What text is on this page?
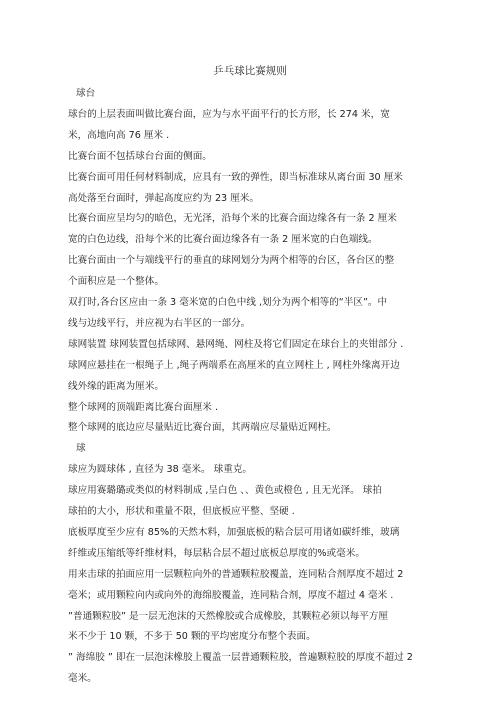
乒乓球比赛规则
球台
球台的上层表面叫做比赛台面，应为与水平面平行的长方形，长 274 米，宽
米，高地向高 76 厘米 .
比赛台面不包括球台台面的侧面。
比赛台面可用任何材料制成，应具有一致的弹性，即当标准球从离台面 30 厘米
高处落至台面时，弹起高度应约为 23 厘米。
比赛台面应呈均匀的暗色，无光泽，沿每个米的比赛合面边缘各有一条 2 厘米
宽的白色边线，沿每个米的比赛台面边缘各有一条 2 厘米宽的白色端线。
比赛台面由一个与端线平行的垂直的球网划分为两个相等的台区，各台区的整
个面积应是一个整体。
双打时,各台区应由一条 3 毫米宽的白色中线 ,划分为两个相等的“半区”。中
线与边线平行，并应视为右半区的一部分。
球网装置 球网装置包括球网、悬网绳、网柱及将它们固定在球台上的夹钳部分 .
球网应悬挂在一根绳子上 ,绳子两端系在高厘米的直立网柱上 , 网柱外缘离开边
线外缘的距离为厘米。
整个球网的顶端距离比赛台面厘米 .
整个球网的底边应尽量贴近比赛台面，其两端应尽量贴近网柱。
球
球应为圆球体 , 直径为 38 毫米。 球重克。
球应用赛璐璐或类似的材料制成 ,呈白色 、、黄色或橙色 , 且无光泽。 球拍
球拍的大小，形状和重量不限，但底板应平整、坚硬 .
底板厚度至少应有 85%的天然木料，加强底板的粘合层可用诸如碳纤维，玻璃
纤维或压缩纸等纤维材料，每层粘合层不超过底板总厚度的%或毫米。
用来击球的拍面应用一层颗粒向外的普通颗粒胶覆盖，连同粘合剂厚度不超过 2
毫米；或用颗粒向内或向外的海绵胶覆盖，连同粘合剂，厚度不超过 4 毫米 .
”普通颗粒胶” 是一层无泡沫的天然橡胶或合成橡胶，其颗粒必须以每平方厘
米不少于 10 颗，不多于 50 颗的平均密度分布整个表面。
” 海绵胶 ” 即在一层泡沫橡胶上覆盖一层普通颗粒胶，普遍颗粒胶的厚度不超过 2
毫米。
